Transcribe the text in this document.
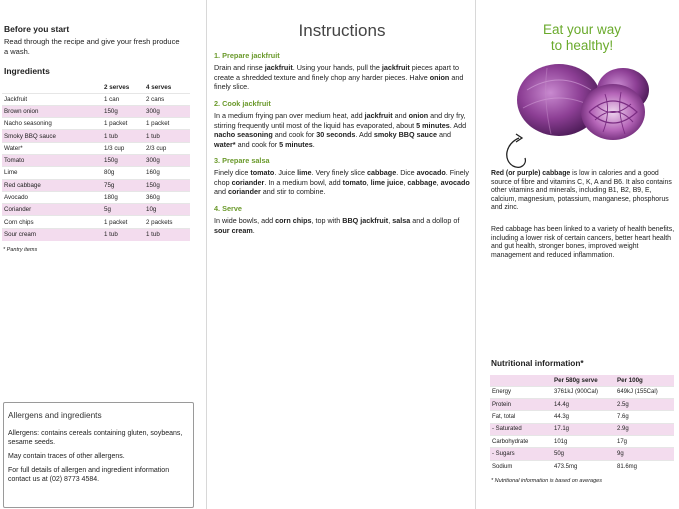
Before you start
Read through the recipe and give your fresh produce a wash.
Ingredients
	2 serves	4 serves
Jackfruit	1 can	2 cans
Brown onion	150g	300g
Nacho seasoning	1 packet	1 packet
Smoky BBQ sauce	1 tub	1 tub
Water*	1/3 cup	2/3 cup
Tomato	150g	300g
Lime	80g	160g
Red cabbage	75g	150g
Avocado	180g	360g
Coriander	5g	10g
Corn chips	1 packet	2 packets
Sour cream	1 tub	1 tub
* Pantry items
Allergens and ingredients

Allergens: contains cereals containing gluten, soybeans, sesame seeds.

May contain traces of other allergens.

For full details of allergen and ingredient information contact us at (02) 8773 4584.

Instructions
1. Prepare jackfruit
Drain and rinse jackfruit. Using your hands, pull the jackfruit pieces apart to create a shredded texture and finely chop any harder pieces. Halve onion and finely slice.
2. Cook jackfruit
In a medium frying pan over medium heat, add jackfruit and onion and dry fry, stirring frequently until most of the liquid has evaporated, about 5 minutes. Add nacho seasoning and cook for 30 seconds. Add smoky BBQ sauce and water* and cook for 5 minutes.
3. Prepare salsa
Finely dice tomato. Juice lime. Very finely slice cabbage. Dice avocado. Finely chop coriander. In a medium bowl, add tomato, lime juice, cabbage, avocado and coriander and stir to combine.
4. Serve
In wide bowls, add corn chips, top with BBQ jackfruit, salsa and a dollop of sour cream.
Eat your way
to healthy!
Red (or purple) cabbage is low in calories and a good source of fibre and vitamins C, K, A and B6. It also contains other vitamins and minerals, including B1, B2, B9, E, calcium, magnesium, potassium, manganese, phosphorus and zinc.
Red cabbage has been linked to a variety of health benefits, including a lower risk of certain cancers, better heart health and gut health, stronger bones, improved weight management and reduced inflammation.
Nutritional information*
	Per 580g serve	Per 100g
Energy	3761kJ (900Cal)	649kJ (155Cal)
Protein	14.4g	2.5g
Fat, total	44.3g	7.6g
- Saturated	17.1g	2.9g
Carbohydrate	101g	17g
- Sugars	50g	9g
Sodium	473.5mg	81.6mg
* Nutritional information is based on averages
